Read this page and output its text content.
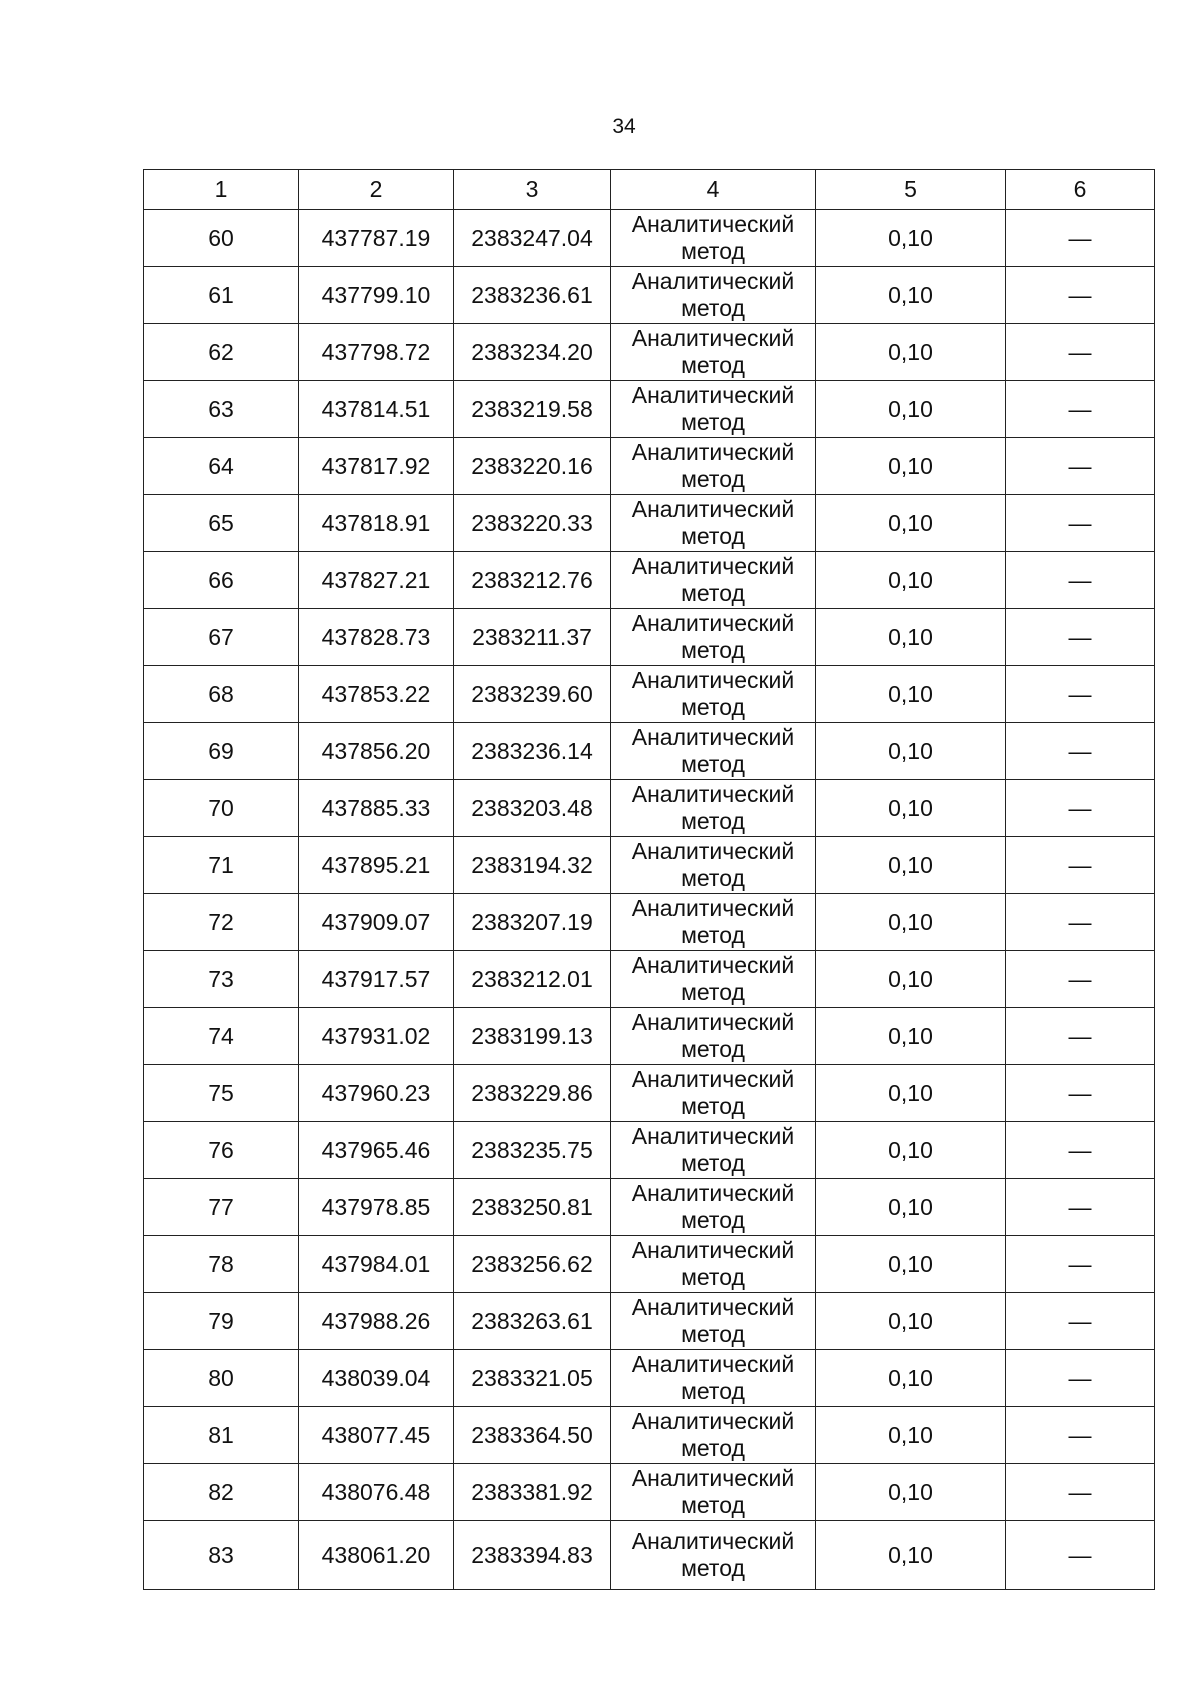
34
1	2	3	4	5	6
60	437787.19	2383247.04	Аналитический метод	0,10	—
61	437799.10	2383236.61	Аналитический метод	0,10	—
62	437798.72	2383234.20	Аналитический метод	0,10	—
63	437814.51	2383219.58	Аналитический метод	0,10	—
64	437817.92	2383220.16	Аналитический метод	0,10	—
65	437818.91	2383220.33	Аналитический метод	0,10	—
66	437827.21	2383212.76	Аналитический метод	0,10	—
67	437828.73	2383211.37	Аналитический метод	0,10	—
68	437853.22	2383239.60	Аналитический метод	0,10	—
69	437856.20	2383236.14	Аналитический метод	0,10	—
70	437885.33	2383203.48	Аналитический метод	0,10	—
71	437895.21	2383194.32	Аналитический метод	0,10	—
72	437909.07	2383207.19	Аналитический метод	0,10	—
73	437917.57	2383212.01	Аналитический метод	0,10	—
74	437931.02	2383199.13	Аналитический метод	0,10	—
75	437960.23	2383229.86	Аналитический метод	0,10	—
76	437965.46	2383235.75	Аналитический метод	0,10	—
77	437978.85	2383250.81	Аналитический метод	0,10	—
78	437984.01	2383256.62	Аналитический метод	0,10	—
79	437988.26	2383263.61	Аналитический метод	0,10	—
80	438039.04	2383321.05	Аналитический метод	0,10	—
81	438077.45	2383364.50	Аналитический метод	0,10	—
82	438076.48	2383381.92	Аналитический метод	0,10	—
83	438061.20	2383394.83	Аналитический метод	0,10	—
